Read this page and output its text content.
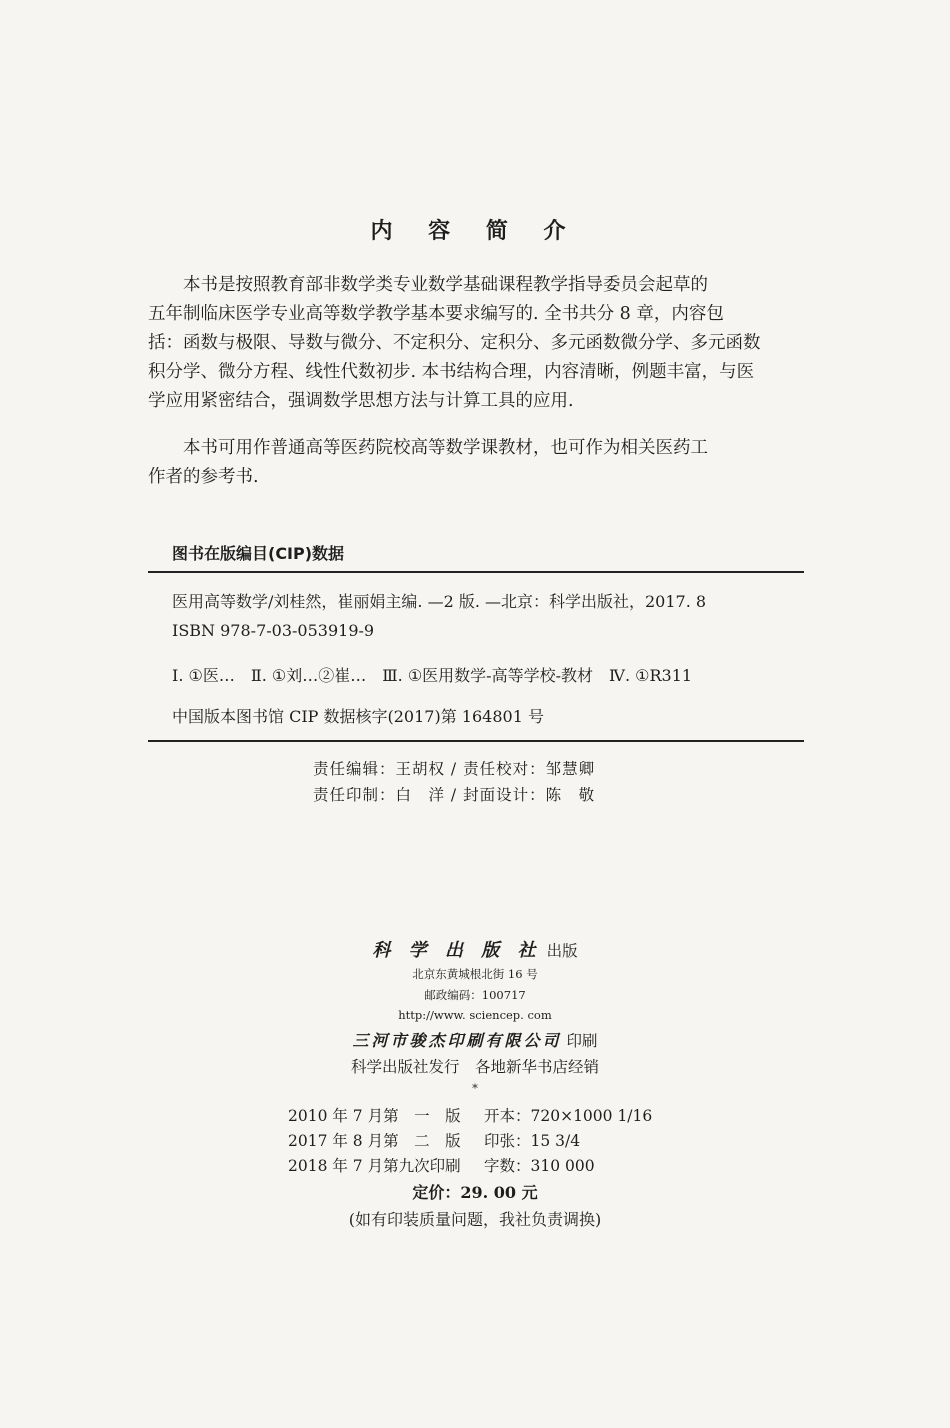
内 容 简 介
　　本书是按照教育部非数学类专业数学基础课程教学指导委员会起草的
五年制临床医学专业高等数学教学基本要求编写的. 全书共分 8 章，内容包
括：函数与极限、导数与微分、不定积分、定积分、多元函数微分学、多元函数
积分学、微分方程、线性代数初步. 本书结构合理，内容清晰，例题丰富，与医
学应用紧密结合，强调数学思想方法与计算工具的应用.
　　本书可用作普通高等医药院校高等数学课教材，也可作为相关医药工
作者的参考书.
图书在版编目(CIP)数据
医用高等数学/刘桂然，崔丽娟主编. —2 版. —北京：科学出版社，2017. 8
ISBN 978-7-03-053919-9
Ⅰ. ①医…　Ⅱ. ①刘…②崔…　Ⅲ. ①医用数学-高等学校-教材　Ⅳ. ①R311
中国版本图书馆 CIP 数据核字(2017)第 164801 号
责任编辑：王胡权 / 责任校对：邹慧卿
责任印制：白　洋 / 封面设计：陈　敬
科 学 出 版 社 出版
北京东黄城根北街 16 号
邮政编码：100717
http://www. sciencep. com
三河市骏杰印刷有限公司 印刷
科学出版社发行　各地新华书店经销
*
2010 年 7 月第　一　版 开本：720×1000 1/16
2017 年 8 月第　二　版 印张：15 3/4
2018 年 7 月第九次印刷 字数：310 000
定价：29. 00 元
(如有印装质量问题，我社负责调换)
